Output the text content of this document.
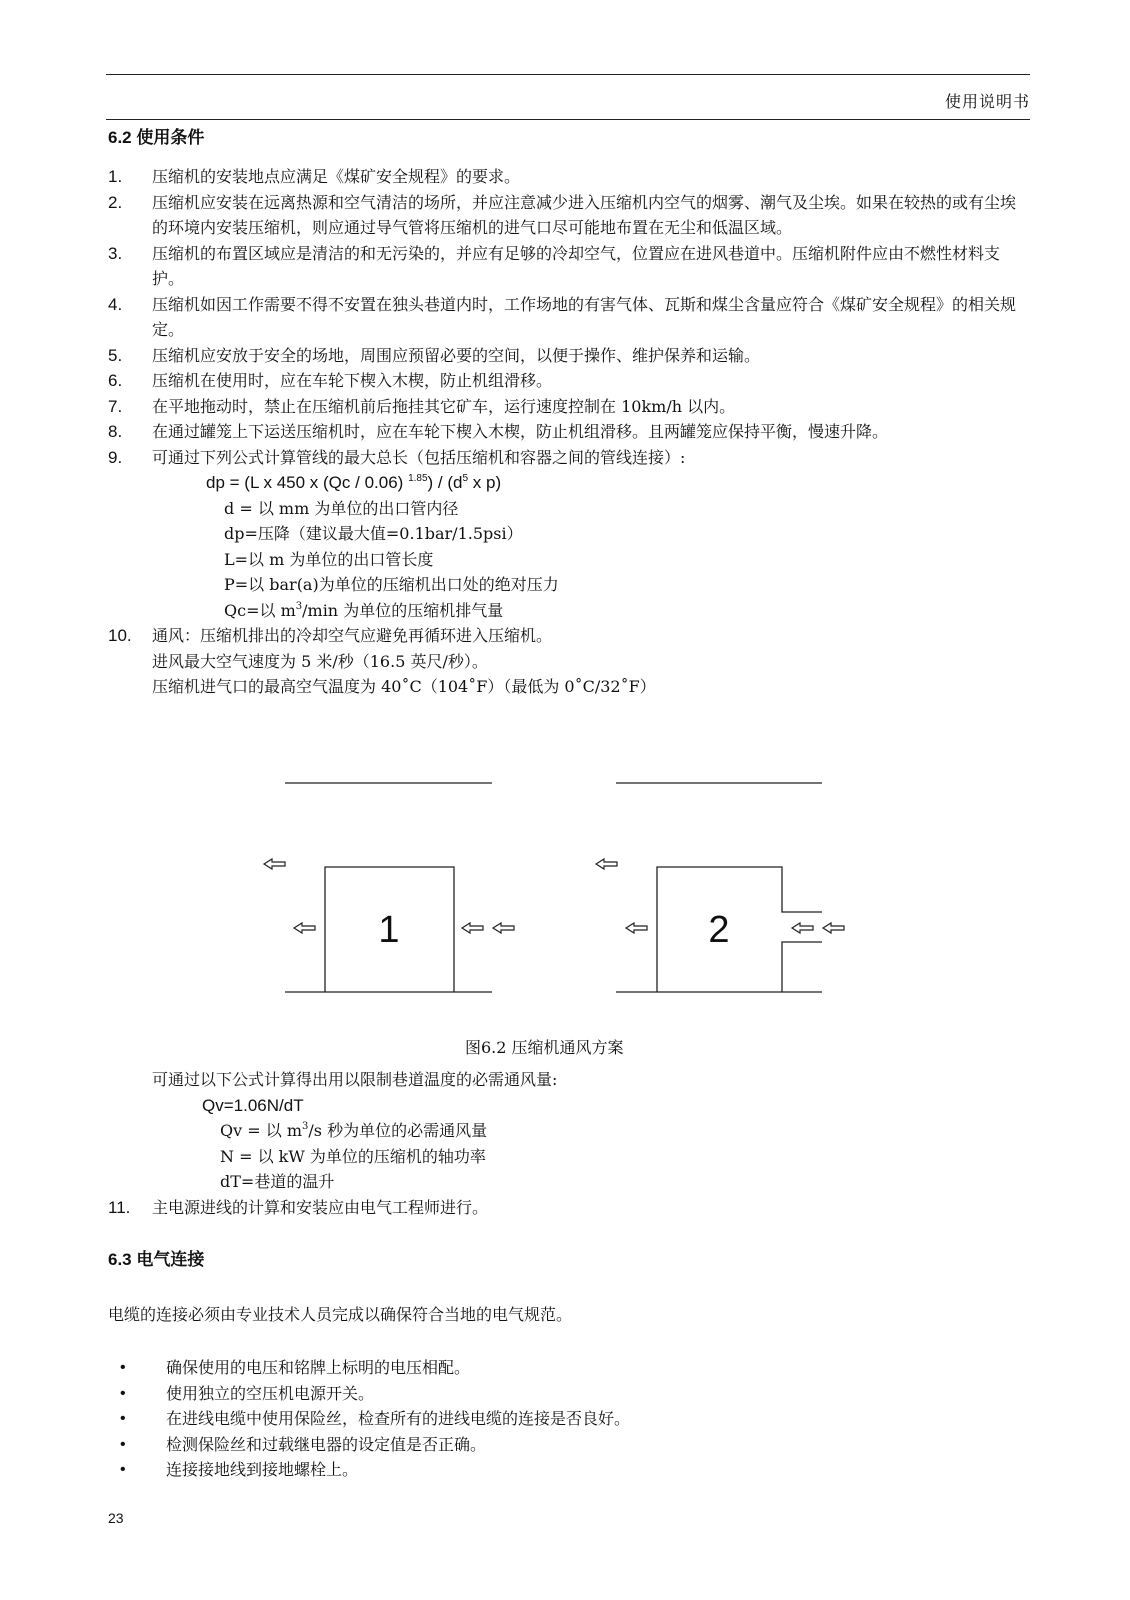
使用说明书
6.2 使用条件
1. 压缩机的安装地点应满足《煤矿安全规程》的要求。
2. 压缩机应安装在远离热源和空气清洁的场所，并应注意减少进入压缩机内空气的烟雾、潮气及尘埃。如果在较热的或有尘埃的环境内安装压缩机，则应通过导气管将压缩机的进气口尽可能地布置在无尘和低温区域。
3. 压缩机的布置区域应是清洁的和无污染的，并应有足够的冷却空气，位置应在进风巷道中。压缩机附件应由不燃性材料支护。
4. 压缩机如因工作需要不得不安置在独头巷道内时，工作场地的有害气体、瓦斯和煤尘含量应符合《煤矿安全规程》的相关规定。
5. 压缩机应安放于安全的场地，周围应预留必要的空间，以便于操作、维护保养和运输。
6. 压缩机在使用时，应在车轮下楔入木楔，防止机组滑移。
7. 在平地拖动时，禁止在压缩机前后拖挂其它矿车，运行速度控制在 10km/h 以内。
8. 在通过罐笼上下运送压缩机时，应在车轮下楔入木楔，防止机组滑移。且两罐笼应保持平衡，慢速升降。
9. 可通过下列公式计算管线的最大总长（包括压缩机和容器之间的管线连接）:
dp = (L x 450 x (Qc / 0.06) $^{1.85}) / (d^5$ x p)
d = 以 mm 为单位的出口管内径
dp=压降（建议最大值=0.1bar/1.5psi）
L=以 m 为单位的出口管长度
P=以 bar(a)为单位的压缩机出口处的绝对压力
Qc=以 $m^3/\min$ 为单位的压缩机排气量
10. 通风：压缩机排出的冷却空气应避免再循环进入压缩机。
进风最大空气速度为 5 米/秒（16.5 英尺/秒）。
压缩机进气口的最高空气温度为 40˚C（104˚F）（最低为 0˚C/32˚F）
1	2
图6.2 压缩机通风方案
可通过以下公式计算得出用以限制巷道温度的必需通风量:
Qv=1.06N/dT
Qv = 以 $m^3/s$ 秒为单位的必需通风量
N = 以 kW 为单位的压缩机的轴功率
dT=巷道的温升
11. 主电源进线的计算和安装应由电气工程师进行。
6.3 电气连接
电缆的连接必须由专业技术人员完成以确保符合当地的电气规范。
•	确保使用的电压和铭牌上标明的电压相配。
•	使用独立的空压机电源开关。
•	在进线电缆中使用保险丝，检查所有的进线电缆的连接是否良好。
•	检测保险丝和过载继电器的设定值是否正确。
•	连接接地线到接地螺栓上。
23
